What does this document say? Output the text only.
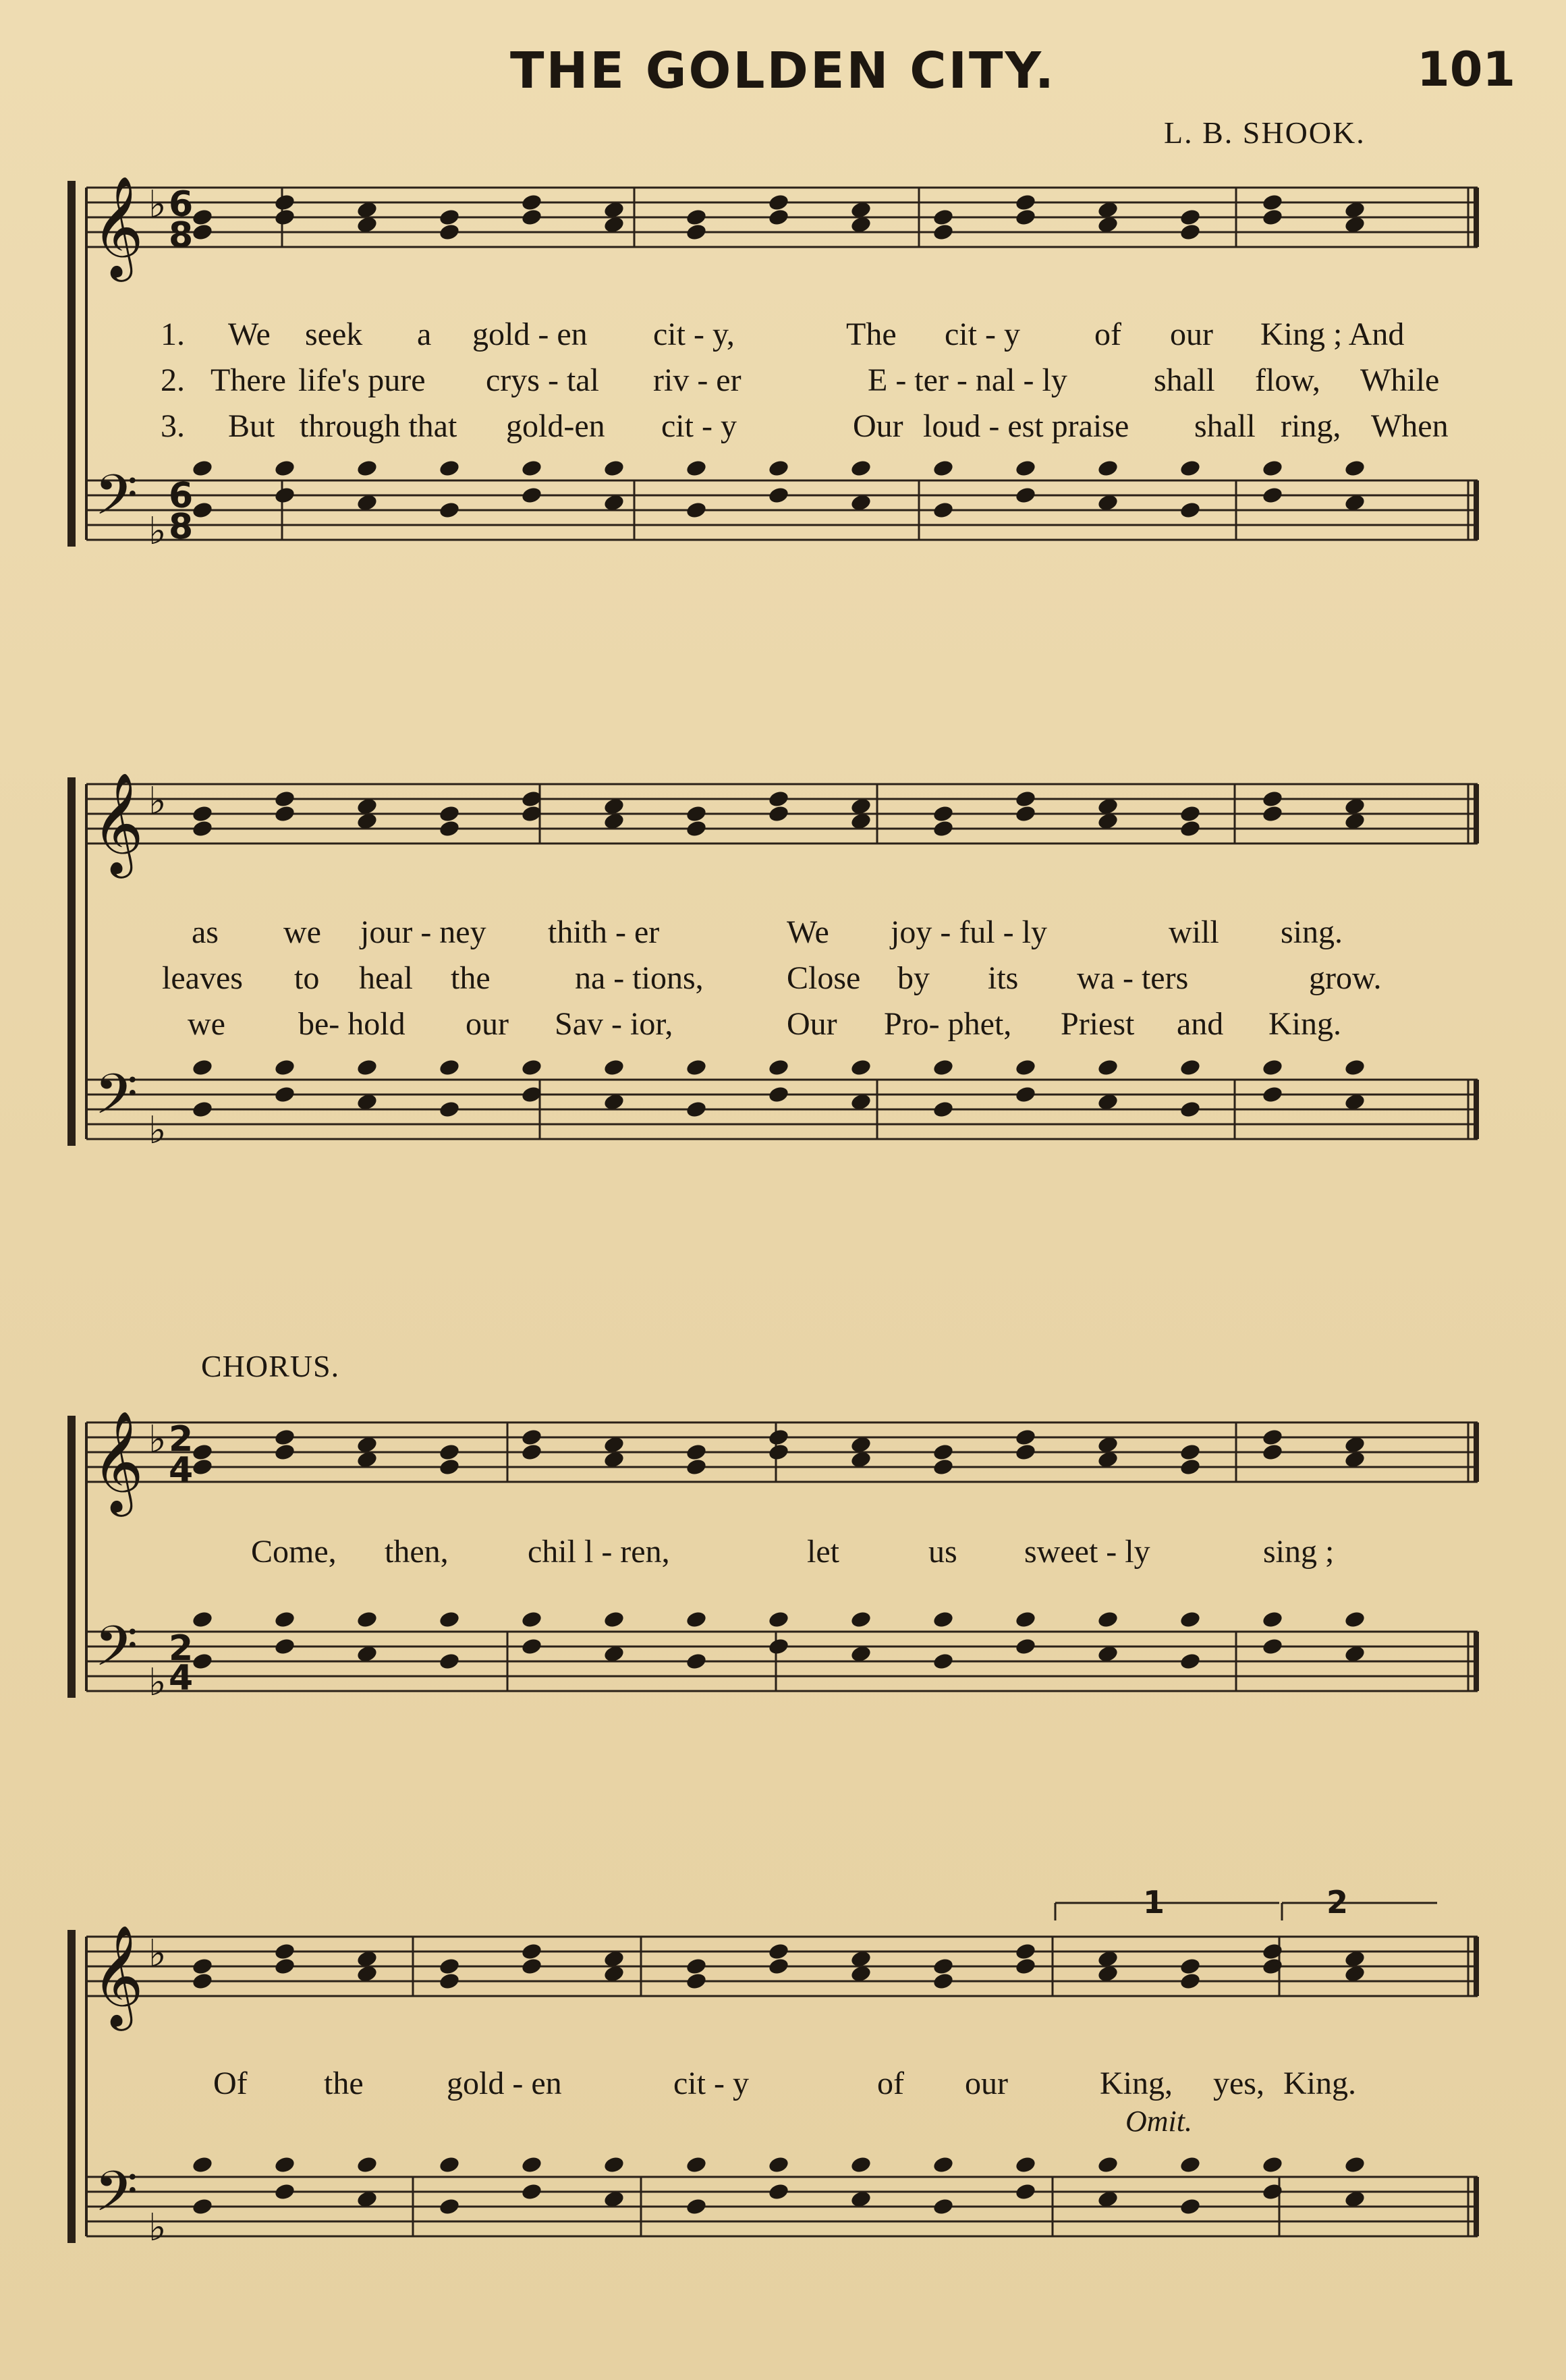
THE GOLDEN CITY.	101
L. B. SHOOK.
𝄞
𝄢
♭
♭
𝄞
𝄢
♭
♭
𝄞
𝄢
♭
♭
𝄞
𝄢
♭
♭
6
8
6
8
2
4
2
4
1. We seek a gold - en cit - y,	The cit - y of our King ; And
2. There life's pure crys - tal riv - er	E - ter - nal - ly	shall flow, While
3. But through that gold-en cit - y	Our loud - est praise shall ring, When
as we jour - ney thith - er	We joy - ful - ly	will sing.
leaves to heal the	na - tions,	Close by its wa - ters	grow.
we be- hold our Sav - ior,	Our Pro- phet, Priest and King.
CHORUS.
Come, then, chil l - ren,	let	us sweet - ly	sing ;
Of the	gold - en	cit - y	of our	King, yes, King.
Omit.
1	2
